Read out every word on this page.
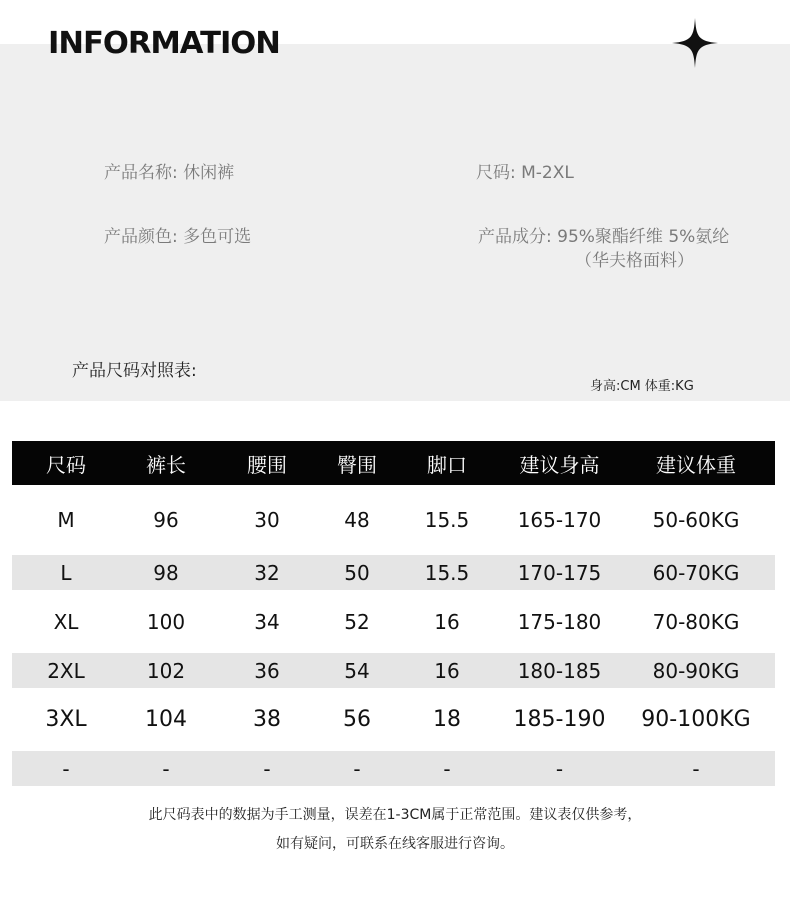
INFORMATION
产品名称: 休闲裤	尺码: M-2XL
产品颜色: 多色可选	产品成分: 95%聚酯纤维 5%氨纶
（华夫格面料）
产品尺码对照表:
身高:CM 体重:KG
尺码	裤长	腰围	臀围	脚口	建议身高	建议体重
M	96	30	48	15.5	165-170	50-60KG
L	98	32	50	15.5	170-175	60-70KG
XL	100	34	52	16	175-180	70-80KG
2XL	102	36	54	16	180-185	80-90KG
3XL	104	38	56	18	185-190	90-100KG
-	-	-	-	-	-	-
此尺码表中的数据为手工测量，误差在1-3CM属于正常范围。建议表仅供参考，
如有疑问，可联系在线客服进行咨询。
